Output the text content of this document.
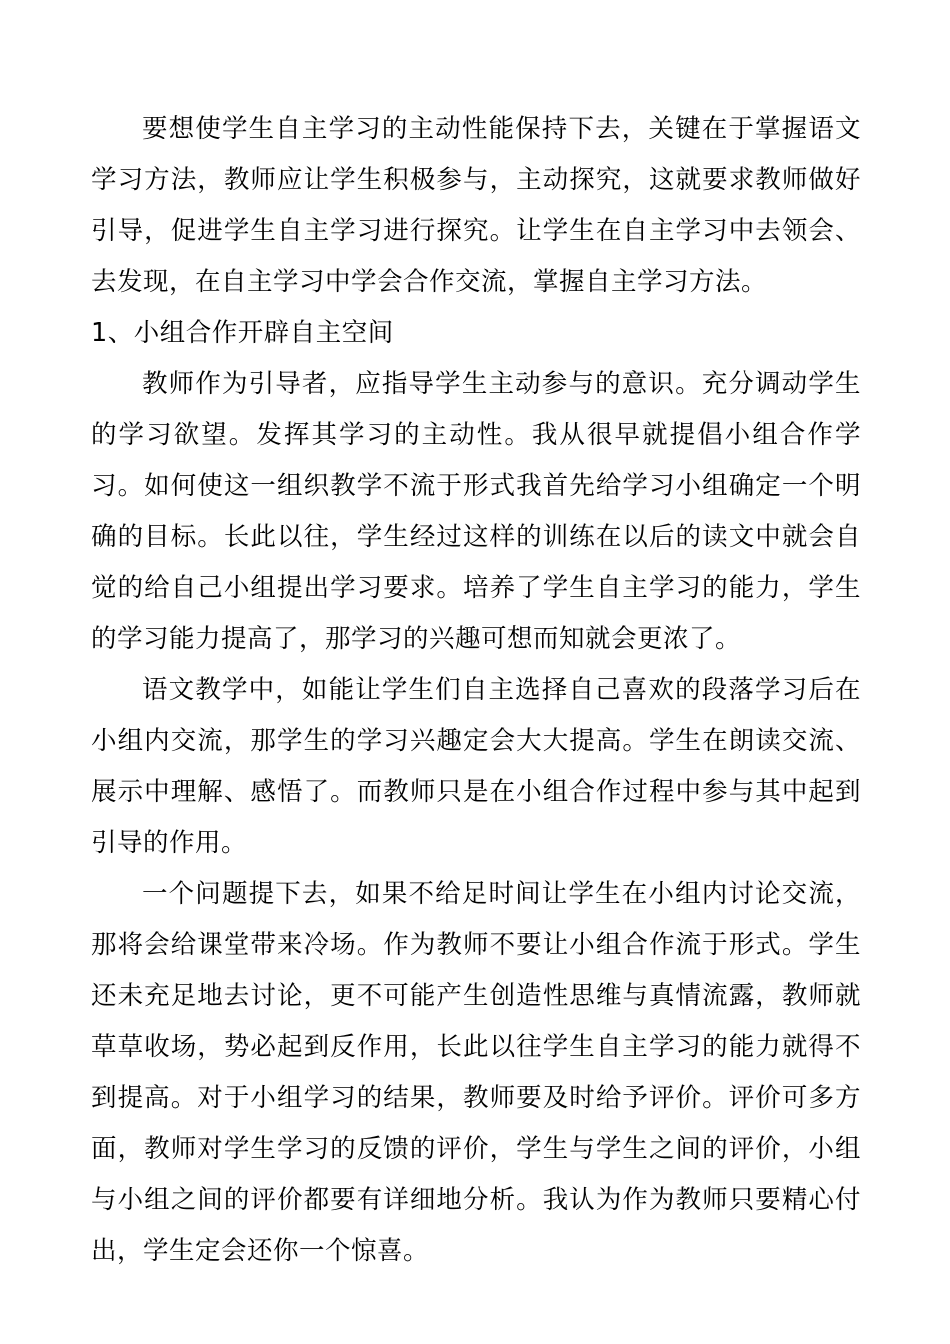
要想使学生自主学习的主动性能保持下去，关键在于掌握语文学习方法，教师应让学生积极参与，主动探究，这就要求教师做好引导，促进学生自主学习进行探究。让学生在自主学习中去领会、去发现，在自主学习中学会合作交流，掌握自主学习方法。

1、小组合作开辟自主空间

教师作为引导者，应指导学生主动参与的意识。充分调动学生的学习欲望。发挥其学习的主动性。我从很早就提倡小组合作学习。如何使这一组织教学不流于形式我首先给学习小组确定一个明确的目标。长此以往，学生经过这样的训练在以后的读文中就会自觉的给自己小组提出学习要求。培养了学生自主学习的能力，学生的学习能力提高了，那学习的兴趣可想而知就会更浓了。

语文教学中，如能让学生们自主选择自己喜欢的段落学习后在小组内交流，那学生的学习兴趣定会大大提高。学生在朗读交流、展示中理解、感悟了。而教师只是在小组合作过程中参与其中起到引导的作用。

一个问题提下去，如果不给足时间让学生在小组内讨论交流，那将会给课堂带来冷场。作为教师不要让小组合作流于形式。学生还未充足地去讨论，更不可能产生创造性思维与真情流露，教师就草草收场，势必起到反作用，长此以往学生自主学习的能力就得不到提高。对于小组学习的结果，教师要及时给予评价。评价可多方面，教师对学生学习的反馈的评价，学生与学生之间的评价，小组与小组之间的评价都要有详细地分析。我认为作为教师只要精心付出，学生定会还你一个惊喜。
